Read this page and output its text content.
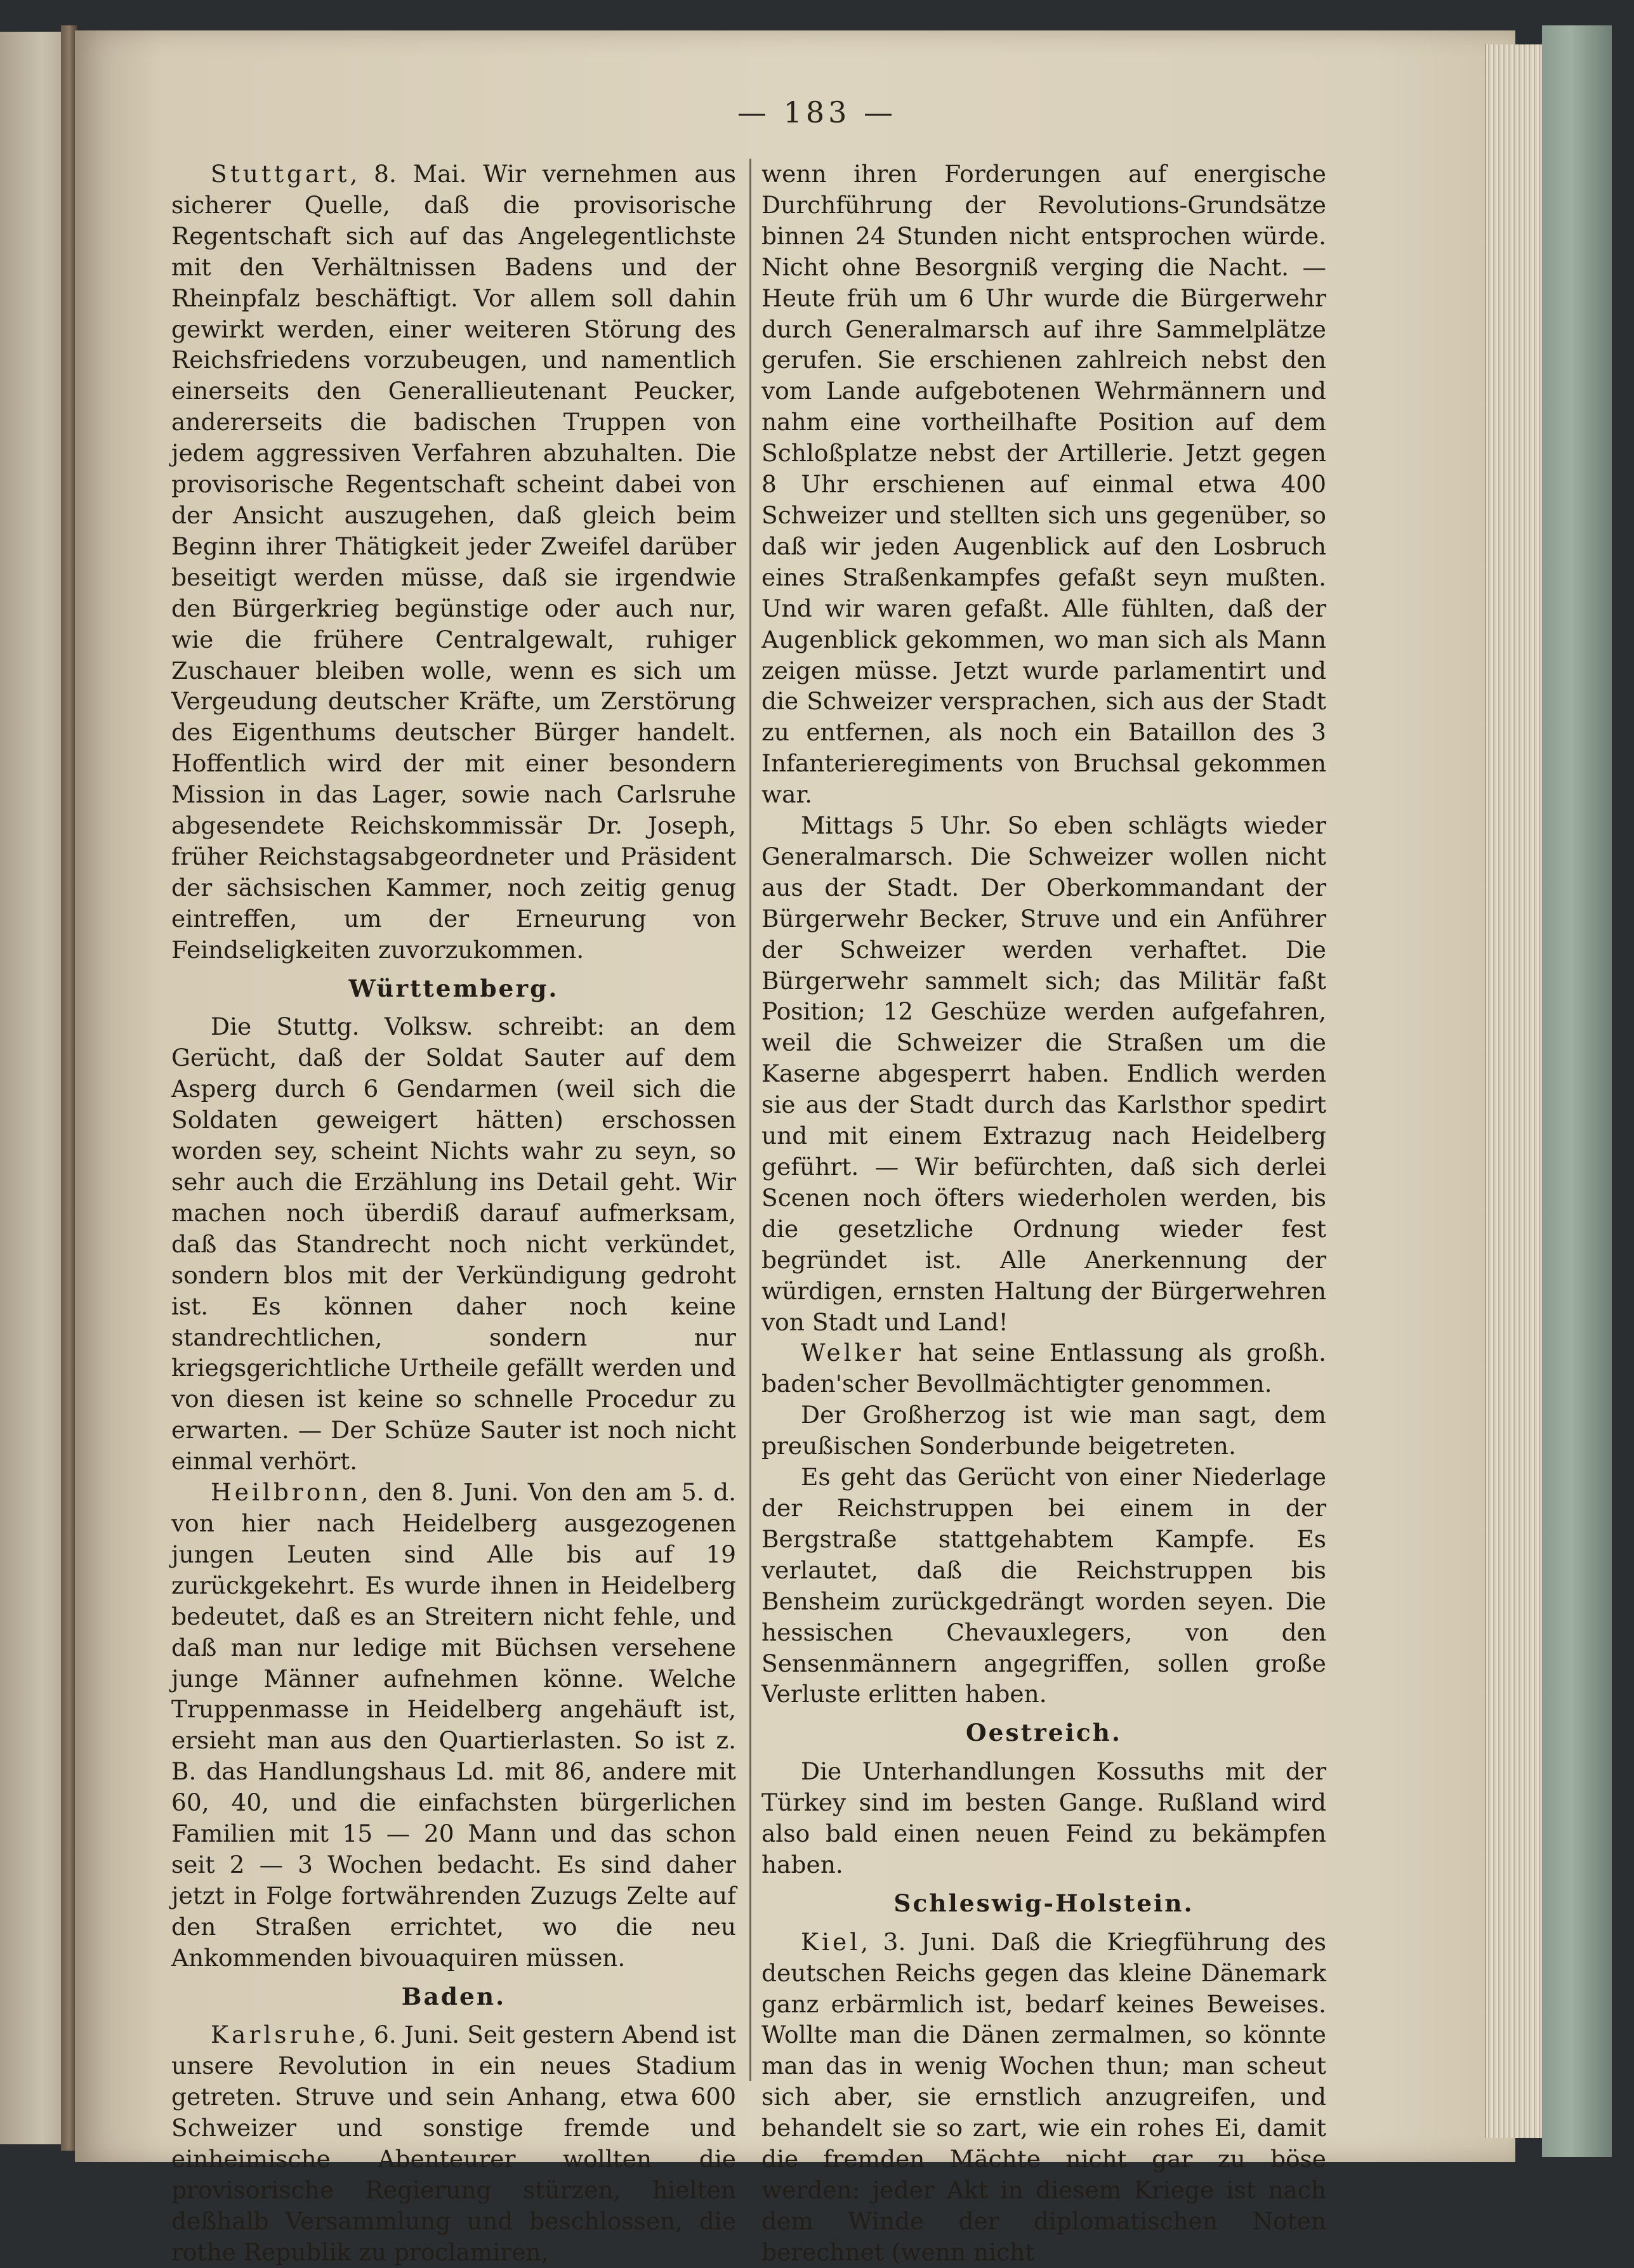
— 183 —

Stuttgart, 8. Mai. Wir vernehmen aus sicherer Quelle, daß die provisorische Regentschaft sich auf das Angelegentlichste mit den Verhältnissen Badens und der Rheinpfalz beschäftigt. Vor allem soll dahin gewirkt werden, einer weiteren Störung des Reichsfriedens vorzubeugen, und namentlich einerseits den Generallieutenant Peucker, andererseits die badischen Truppen von jedem aggressiven Verfahren abzuhalten. Die provisorische Regentschaft scheint dabei von der Ansicht auszugehen, daß gleich beim Beginn ihrer Thätigkeit jeder Zweifel darüber beseitigt werden müsse, daß sie irgendwie den Bürgerkrieg begünstige oder auch nur, wie die frühere Centralgewalt, ruhiger Zuschauer bleiben wolle, wenn es sich um Vergeudung deutscher Kräfte, um Zerstörung des Eigenthums deutscher Bürger handelt. Hoffentlich wird der mit einer besondern Mission in das Lager, sowie nach Carlsruhe abgesendete Reichskommissär Dr. Joseph, früher Reichstagsabgeordneter und Präsident der sächsischen Kammer, noch zeitig genug eintreffen, um der Erneurung von Feindseligkeiten zuvorzukommen.

Württemberg.

Die Stuttg. Volksw. schreibt: an dem Gerücht, daß der Soldat Sauter auf dem Asperg durch 6 Gendarmen (weil sich die Soldaten geweigert hätten) erschossen worden sey, scheint Nichts wahr zu seyn, so sehr auch die Erzählung ins Detail geht. Wir machen noch überdiß darauf aufmerksam, daß das Standrecht noch nicht verkündet, sondern blos mit der Verkündigung gedroht ist. Es können daher noch keine standrechtlichen, sondern nur kriegsgerichtliche Urtheile gefällt werden und von diesen ist keine so schnelle Procedur zu erwarten. — Der Schüze Sauter ist noch nicht einmal verhört.

Heilbronn, den 8. Juni. Von den am 5. d. von hier nach Heidelberg ausgezogenen jungen Leuten sind Alle bis auf 19 zurückgekehrt. Es wurde ihnen in Heidelberg bedeutet, daß es an Streitern nicht fehle, und daß man nur ledige mit Büchsen versehene junge Männer aufnehmen könne. Welche Truppenmasse in Heidelberg angehäuft ist, ersieht man aus den Quartierlasten. So ist z. B. das Handlungshaus Ld. mit 86, andere mit 60, 40, und die einfachsten bürgerlichen Familien mit 15 — 20 Mann und das schon seit 2 — 3 Wochen bedacht. Es sind daher jetzt in Folge fortwährenden Zuzugs Zelte auf den Straßen errichtet, wo die neu Ankommenden bivouaquiren müssen.

Baden.

Karlsruhe, 6. Juni. Seit gestern Abend ist unsere Revolution in ein neues Stadium getreten. Struve und sein Anhang, etwa 600 Schweizer und sonstige fremde und einheimische Abenteurer wollten die provisorische Regierung stürzen, hielten deßhalb Versammlung und beschlossen, die rothe Republik zu proclamiren,

wenn ihren Forderungen auf energische Durchführung der Revolutions-Grundsätze binnen 24 Stunden nicht entsprochen würde. Nicht ohne Besorgniß verging die Nacht. — Heute früh um 6 Uhr wurde die Bürgerwehr durch Generalmarsch auf ihre Sammelplätze gerufen. Sie erschienen zahlreich nebst den vom Lande aufgebotenen Wehrmännern und nahm eine vortheilhafte Position auf dem Schloßplatze nebst der Artillerie. Jetzt gegen 8 Uhr erschienen auf einmal etwa 400 Schweizer und stellten sich uns gegenüber, so daß wir jeden Augenblick auf den Losbruch eines Straßenkampfes gefaßt seyn mußten. Und wir waren gefaßt. Alle fühlten, daß der Augenblick gekommen, wo man sich als Mann zeigen müsse. Jetzt wurde parlamentirt und die Schweizer versprachen, sich aus der Stadt zu entfernen, als noch ein Bataillon des 3 Infanterieregiments von Bruchsal gekommen war.

Mittags 5 Uhr. So eben schlägts wieder Generalmarsch. Die Schweizer wollen nicht aus der Stadt. Der Oberkommandant der Bürgerwehr Becker, Struve und ein Anführer der Schweizer werden verhaftet. Die Bürgerwehr sammelt sich; das Militär faßt Position; 12 Geschüze werden aufgefahren, weil die Schweizer die Straßen um die Kaserne abgesperrt haben. Endlich werden sie aus der Stadt durch das Karlsthor spedirt und mit einem Extrazug nach Heidelberg geführt. — Wir befürchten, daß sich derlei Scenen noch öfters wiederholen werden, bis die gesetzliche Ordnung wieder fest begründet ist. Alle Anerkennung der würdigen, ernsten Haltung der Bürgerwehren von Stadt und Land!

Welker hat seine Entlassung als großh. baden'scher Bevollmächtigter genommen.

Der Großherzog ist wie man sagt, dem preußischen Sonderbunde beigetreten.

Es geht das Gerücht von einer Niederlage der Reichstruppen bei einem in der Bergstraße stattgehabtem Kampfe. Es verlautet, daß die Reichstruppen bis Bensheim zurückgedrängt worden seyen. Die hessischen Chevauxlegers, von den Sensenmännern angegriffen, sollen große Verluste erlitten haben.

Oestreich.

Die Unterhandlungen Kossuths mit der Türkey sind im besten Gange. Rußland wird also bald einen neuen Feind zu bekämpfen haben.

Schleswig-Holstein.

Kiel, 3. Juni. Daß die Kriegführung des deutschen Reichs gegen das kleine Dänemark ganz erbärmlich ist, bedarf keines Beweises. Wollte man die Dänen zermalmen, so könnte man das in wenig Wochen thun; man scheut sich aber, sie ernstlich anzugreifen, und behandelt sie so zart, wie ein rohes Ei, damit die fremden Mächte nicht gar zu böse werden: jeder Akt in diesem Kriege ist nach dem Winde der diplomatischen Noten berechnet (wenn nicht
